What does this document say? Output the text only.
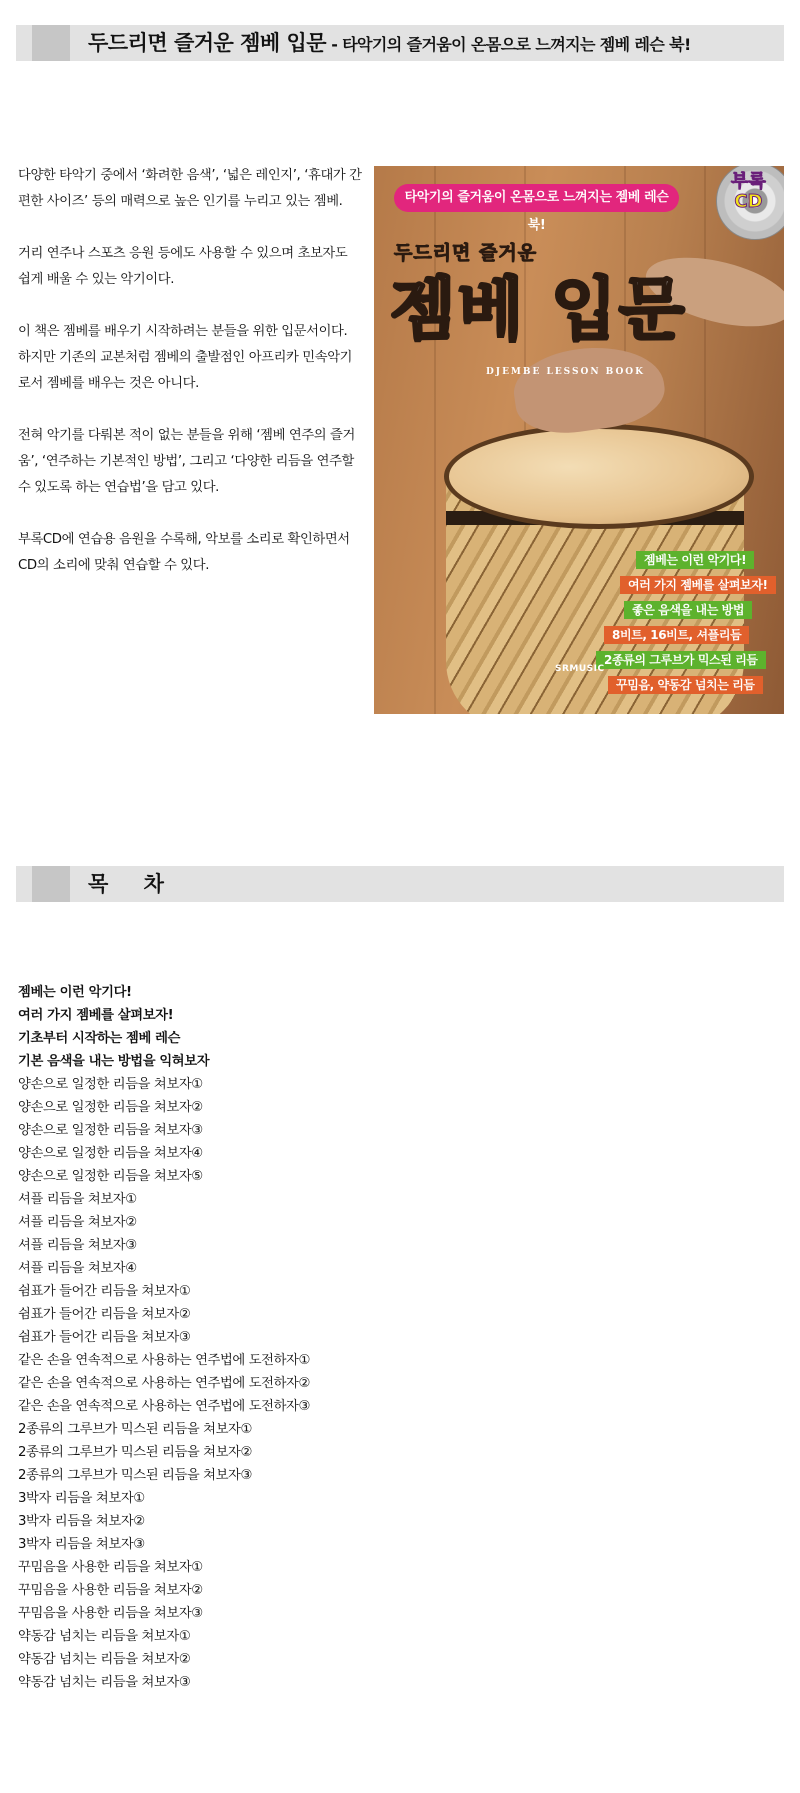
두드리면 즐거운 젬베 입문 - 타악기의 즐거움이 온몸으로 느껴지는 젬베 레슨 북!

다양한 타악기 중에서 ‘화려한 음색’, ‘넓은 레인지’, ‘휴대가 간편한 사이즈’ 등의 매력으로 높은 인기를 누리고 있는 젬베.

거리 연주나 스포츠 응원 등에도 사용할 수 있으며 초보자도 쉽게 배울 수 있는 악기이다.

이 책은 젬베를 배우기 시작하려는 분들을 위한 입문서이다. 하지만 기존의 교본처럼 젬베의 출발점인 아프리카 민속악기로서 젬베를 배우는 것은 아니다.

전혀 악기를 다뤄본 적이 없는 분들을 위해 ‘젬베 연주의 즐거움’, ‘연주하는 기본적인 방법’, 그리고 ‘다양한 리듬을 연주할 수 있도록 하는 연습법’을 담고 있다.

부록CD에 연습용 음원을 수록해, 악보를 소리로 확인하면서 CD의 소리에 맞춰 연습할 수 있다.

타악기의 즐거움이 온몸으로 느껴지는 젬베 레슨 북!
부록
CD
두드리면 즐거운
젬베 입문
DJEMBE LESSON BOOK
젬베는 이런 악기다!
여러 가지 젬베를 살펴보자!
좋은 음색을 내는 방법
8비트, 16비트, 셔플리듬
2종류의 그루브가 믹스된 리듬
꾸밈음, 약동감 넘치는 리듬
SRMUSIC
목 차
젬베는 이런 악기다!
여러 가지 젬베를 살펴보자!
기초부터 시작하는 젬베 레슨
기본 음색을 내는 방법을 익혀보자
양손으로 일정한 리듬을 쳐보자①
양손으로 일정한 리듬을 쳐보자②
양손으로 일정한 리듬을 쳐보자③
양손으로 일정한 리듬을 쳐보자④
양손으로 일정한 리듬을 쳐보자⑤
셔플 리듬을 쳐보자①
셔플 리듬을 쳐보자②
셔플 리듬을 쳐보자③
셔플 리듬을 쳐보자④
쉼표가 들어간 리듬을 쳐보자①
쉼표가 들어간 리듬을 쳐보자②
쉼표가 들어간 리듬을 쳐보자③
같은 손을 연속적으로 사용하는 연주법에 도전하자①
같은 손을 연속적으로 사용하는 연주법에 도전하자②
같은 손을 연속적으로 사용하는 연주법에 도전하자③
2종류의 그루브가 믹스된 리듬을 쳐보자①
2종류의 그루브가 믹스된 리듬을 쳐보자②
2종류의 그루브가 믹스된 리듬을 쳐보자③
3박자 리듬을 쳐보자①
3박자 리듬을 쳐보자②
3박자 리듬을 쳐보자③
꾸밈음을 사용한 리듬을 쳐보자①
꾸밈음을 사용한 리듬을 쳐보자②
꾸밈음을 사용한 리듬을 쳐보자③
약동감 넘치는 리듬을 쳐보자①
약동감 넘치는 리듬을 쳐보자②
약동감 넘치는 리듬을 쳐보자③
